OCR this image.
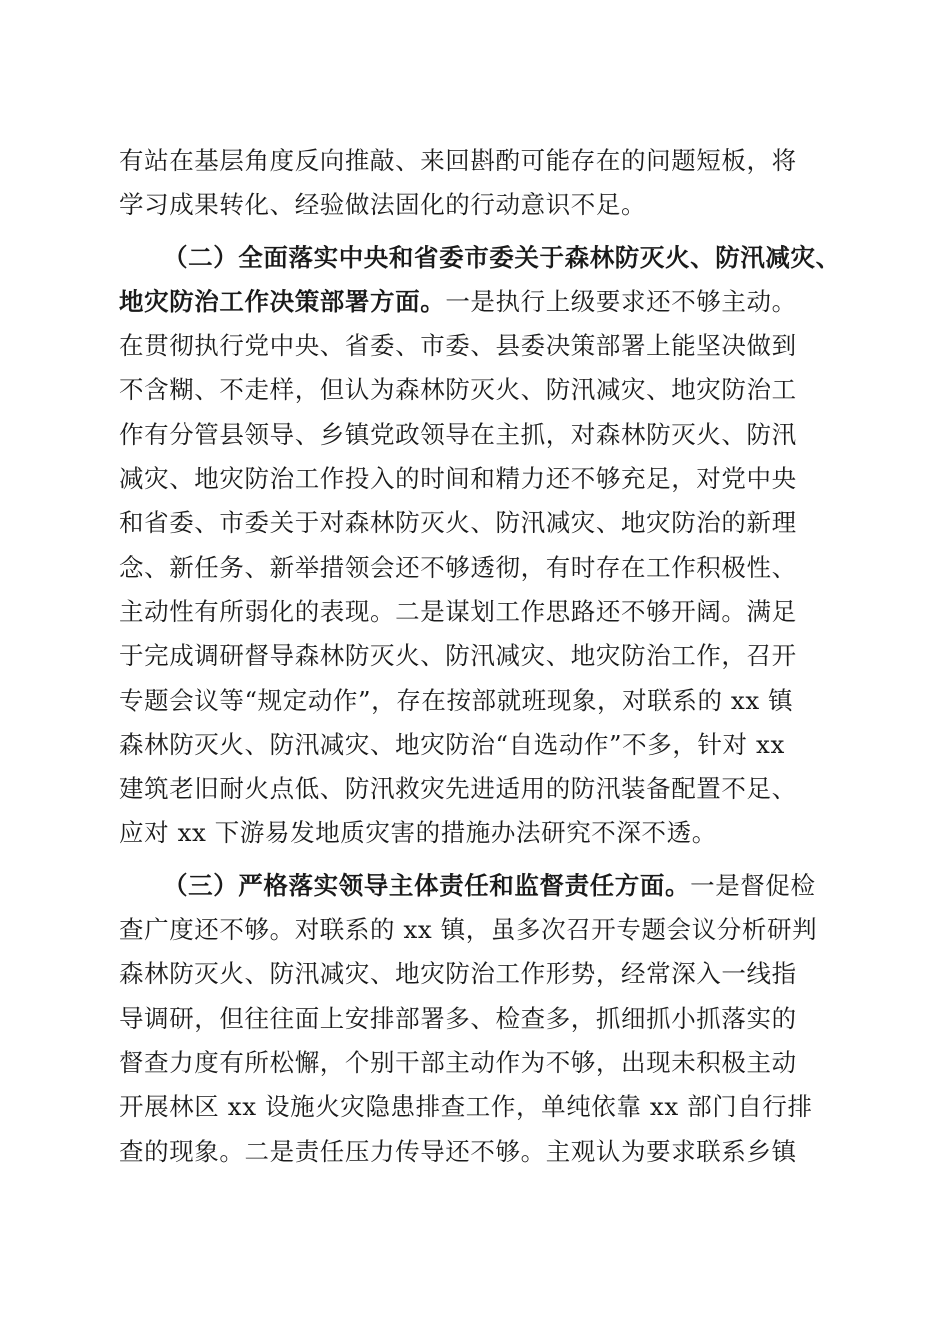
有站在基层角度反向推敲、来回斟酌可能存在的问题短板，将
学习成果转化、经验做法固化的行动意识不足。
（二）全面落实中央和省委市委关于森林防灭火、防汛减灾、
地灾防治工作决策部署方面。一是执行上级要求还不够主动。
在贯彻执行党中央、省委、市委、县委决策部署上能坚决做到
不含糊、不走样，但认为森林防灭火、防汛减灾、地灾防治工
作有分管县领导、乡镇党政领导在主抓，对森林防灭火、防汛
减灾、地灾防治工作投入的时间和精力还不够充足，对党中央
和省委、市委关于对森林防灭火、防汛减灾、地灾防治的新理
念、新任务、新举措领会还不够透彻，有时存在工作积极性、
主动性有所弱化的表现。二是谋划工作思路还不够开阔。满足
于完成调研督导森林防灭火、防汛减灾、地灾防治工作，召开
专题会议等“规定动作”，存在按部就班现象，对联系的 xx 镇
森林防灭火、防汛减灾、地灾防治“自选动作”不多，针对 xx
建筑老旧耐火点低、防汛救灾先进适用的防汛装备配置不足、
应对 xx 下游易发地质灾害的措施办法研究不深不透。
（三）严格落实领导主体责任和监督责任方面。一是督促检
查广度还不够。对联系的 xx 镇，虽多次召开专题会议分析研判
森林防灭火、防汛减灾、地灾防治工作形势，经常深入一线指
导调研，但往往面上安排部署多、检查多，抓细抓小抓落实的
督查力度有所松懈，个别干部主动作为不够，出现未积极主动
开展林区 xx 设施火灾隐患排查工作，单纯依靠 xx 部门自行排
查的现象。二是责任压力传导还不够。主观认为要求联系乡镇
